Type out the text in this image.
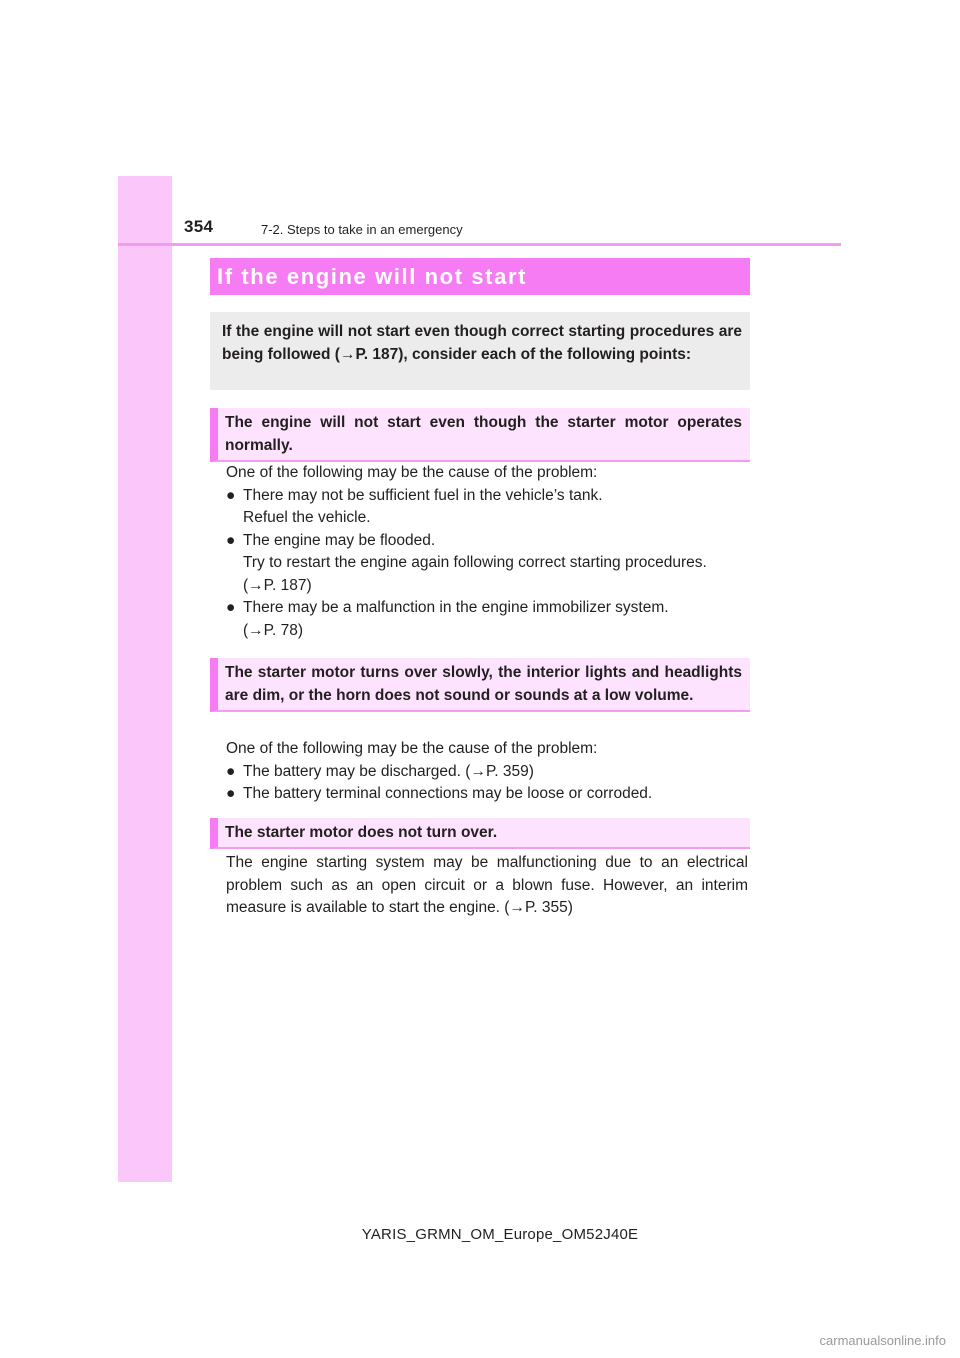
354	7-2. Steps to take in an emergency
If the engine will not start

If the engine will not start even though correct starting procedures are being followed (→P. 187), consider each of the following points:

The engine will not start even though the starter motor operates normally.

One of the following may be the cause of the problem:

● There may not be sufficient fuel in the vehicle’s tank.
Refuel the vehicle.
● The engine may be flooded.
Try to restart the engine again following correct starting procedures.
(→P. 187)
● There may be a malfunction in the engine immobilizer system.
(→P. 78)
The starter motor turns over slowly, the interior lights and headlights are dim, or the horn does not sound or sounds at a low volume.

One of the following may be the cause of the problem:

● The battery may be discharged. (→P. 359)
● The battery terminal connections may be loose or corroded.
The starter motor does not turn over.

The engine starting system may be malfunctioning due to an electrical problem such as an open circuit or a blown fuse. However, an interim measure is available to start the engine. (→P. 355)

YARIS_GRMN_OM_Europe_OM52J40E
carmanualsonline.info
